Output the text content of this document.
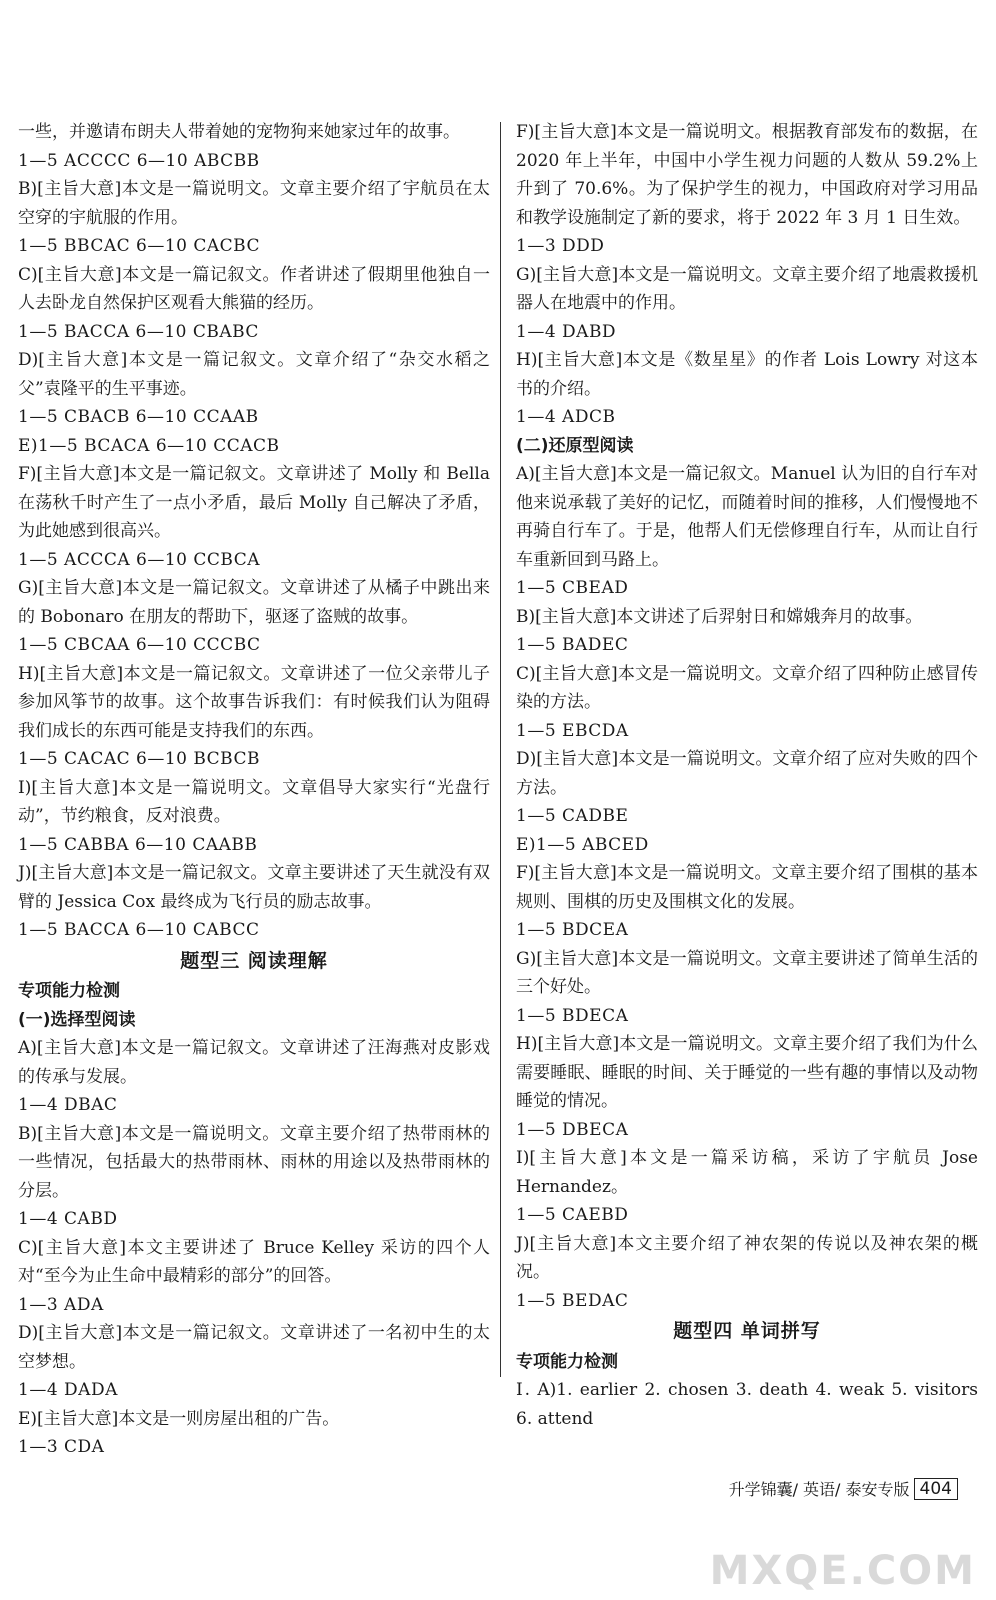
一些，并邀请布朗夫人带着她的宠物狗来她家过年的故事。
1—5 ACCCC 6—10 ABCBB
B)[主旨大意]本文是一篇说明文。文章主要介绍了宇航员在太空穿的宇航服的作用。
1—5 BBCAC 6—10 CACBC
C)[主旨大意]本文是一篇记叙文。作者讲述了假期里他独自一人去卧龙自然保护区观看大熊猫的经历。
1—5 BACCA 6—10 CBABC
D)[主旨大意]本文是一篇记叙文。文章介绍了“杂交水稻之父”袁隆平的生平事迹。
1—5 CBACB 6—10 CCAAB
E)1—5 BCACA 6—10 CCACB
F)[主旨大意]本文是一篇记叙文。文章讲述了 Molly 和 Bella 在荡秋千时产生了一点小矛盾，最后 Molly 自己解决了矛盾，为此她感到很高兴。
1—5 ACCCA 6—10 CCBCA
G)[主旨大意]本文是一篇记叙文。文章讲述了从橘子中跳出来的 Bobonaro 在朋友的帮助下，驱逐了盗贼的故事。
1—5 CBCAA 6—10 CCCBC
H)[主旨大意]本文是一篇记叙文。文章讲述了一位父亲带儿子参加风筝节的故事。这个故事告诉我们：有时候我们认为阻碍我们成长的东西可能是支持我们的东西。
1—5 CACAC 6—10 BCBCB
I)[主旨大意]本文是一篇说明文。文章倡导大家实行“光盘行动”，节约粮食，反对浪费。
1—5 CABBA 6—10 CAABB
J)[主旨大意]本文是一篇记叙文。文章主要讲述了天生就没有双臂的 Jessica Cox 最终成为飞行员的励志故事。
1—5 BACCA 6—10 CABCC
题型三 阅读理解
专项能力检测
(一)选择型阅读
A)[主旨大意]本文是一篇记叙文。文章讲述了汪海燕对皮影戏的传承与发展。
1—4 DBAC
B)[主旨大意]本文是一篇说明文。文章主要介绍了热带雨林的一些情况，包括最大的热带雨林、雨林的用途以及热带雨林的分层。
1—4 CABD
C)[主旨大意]本文主要讲述了 Bruce Kelley 采访的四个人对“至今为止生命中最精彩的部分”的回答。
1—3 ADA
D)[主旨大意]本文是一篇记叙文。文章讲述了一名初中生的太空梦想。
1—4 DADA
E)[主旨大意]本文是一则房屋出租的广告。
1—3 CDA
F)[主旨大意]本文是一篇说明文。根据教育部发布的数据，在 2020 年上半年，中国中小学生视力问题的人数从 59.2%上升到了 70.6%。为了保护学生的视力，中国政府对学习用品和教学设施制定了新的要求，将于 2022 年 3 月 1 日生效。
1—3 DDD
G)[主旨大意]本文是一篇说明文。文章主要介绍了地震救援机器人在地震中的作用。
1—4 DABD
H)[主旨大意]本文是《数星星》的作者 Lois Lowry 对这本书的介绍。
1—4 ADCB
(二)还原型阅读
A)[主旨大意]本文是一篇记叙文。Manuel 认为旧的自行车对他来说承载了美好的记忆，而随着时间的推移，人们慢慢地不再骑自行车了。于是，他帮人们无偿修理自行车，从而让自行车重新回到马路上。
1—5 CBEAD
B)[主旨大意]本文讲述了后羿射日和嫦娥奔月的故事。
1—5 BADEC
C)[主旨大意]本文是一篇说明文。文章介绍了四种防止感冒传染的方法。
1—5 EBCDA
D)[主旨大意]本文是一篇说明文。文章介绍了应对失败的四个方法。
1—5 CADBE
E)1—5 ABCED
F)[主旨大意]本文是一篇说明文。文章主要介绍了围棋的基本规则、围棋的历史及围棋文化的发展。
1—5 BDCEA
G)[主旨大意]本文是一篇说明文。文章主要讲述了简单生活的三个好处。
1—5 BDECA
H)[主旨大意]本文是一篇说明文。文章主要介绍了我们为什么需要睡眠、睡眠的时间、关于睡觉的一些有趣的事情以及动物睡觉的情况。
1—5 DBECA
I)[主旨大意]本文是一篇采访稿，采访了宇航员 Jose Hernandez。
1—5 CAEBD
J)[主旨大意]本文主要介绍了神农架的传说以及神农架的概况。
1—5 BEDAC
题型四 单词拼写
专项能力检测
Ⅰ. A)1. earlier 2. chosen 3. death 4. weak 5. visitors 6. attend
升学锦囊/ 英语/ 泰安专版 404
MXQE.COM
